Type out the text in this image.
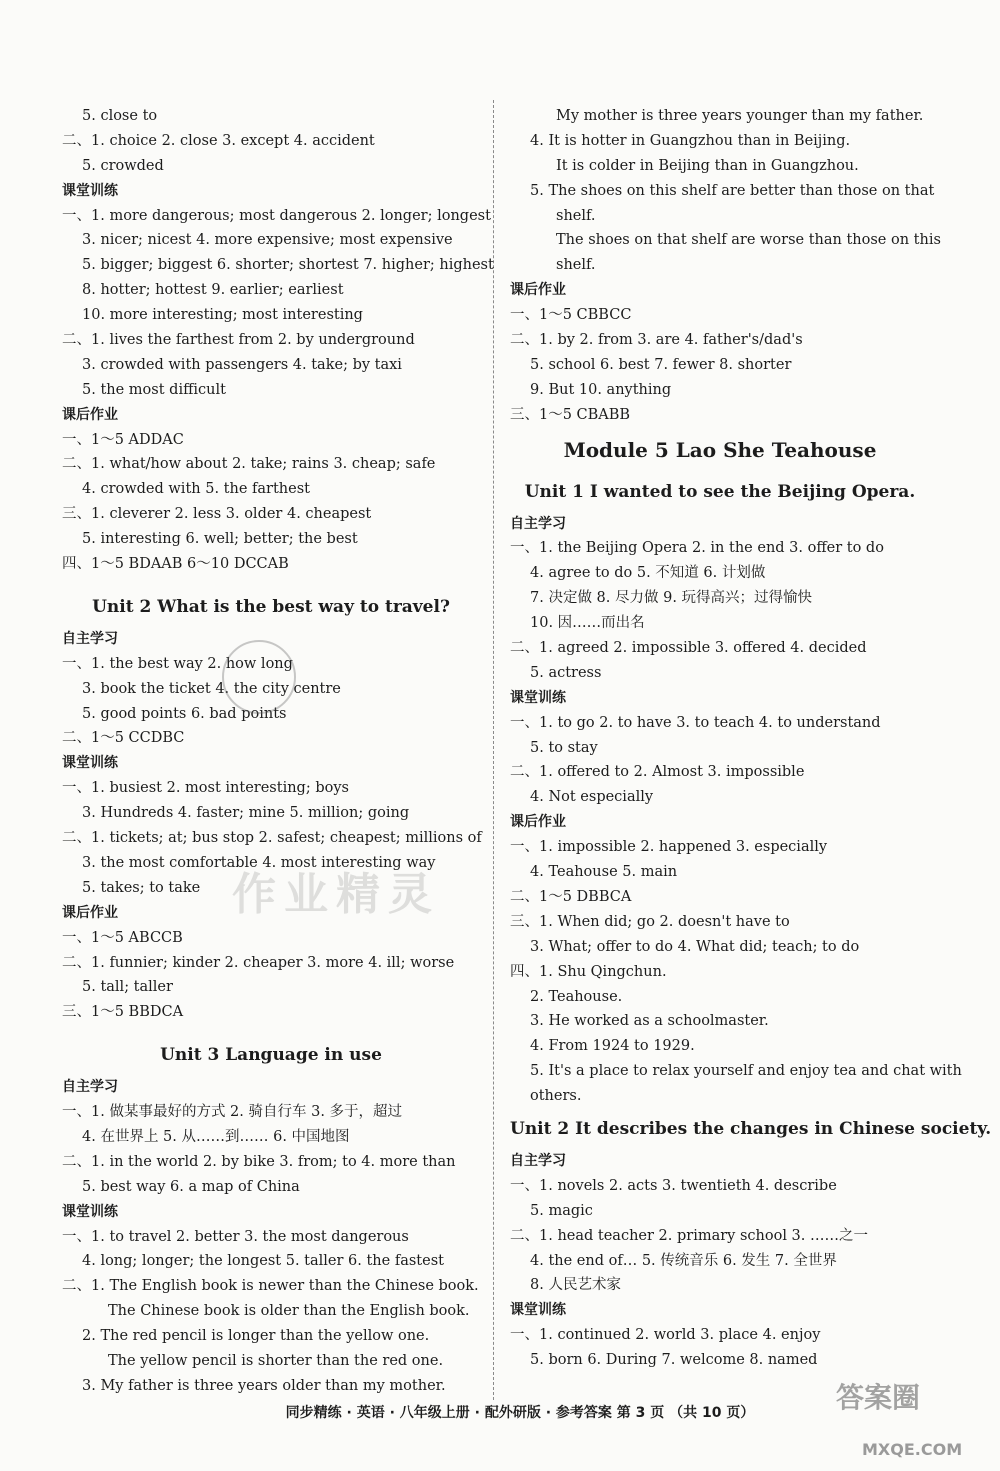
5. close to
二、1. choice 2. close 3. except 4. accident
5. crowded
课堂训练
一、1. more dangerous; most dangerous 2. longer; longest
3. nicer; nicest 4. more expensive; most expensive
5. bigger; biggest 6. shorter; shortest 7. higher; highest
8. hotter; hottest 9. earlier; earliest
10. more interesting; most interesting
二、1. lives the farthest from 2. by underground
3. crowded with passengers 4. take; by taxi
5. the most difficult
课后作业
一、1～5 ADDAC
二、1. what/how about 2. take; rains 3. cheap; safe
4. crowded with 5. the farthest
三、1. cleverer 2. less 3. older 4. cheapest
5. interesting 6. well; better; the best
四、1～5 BDAAB 6～10 DCCAB
Unit 2 What is the best way to travel?
自主学习
一、1. the best way 2. how long
3. book the ticket 4. the city centre
5. good points 6. bad points
二、1～5 CCDBC
课堂训练
一、1. busiest 2. most interesting; boys
3. Hundreds 4. faster; mine 5. million; going
二、1. tickets; at; bus stop 2. safest; cheapest; millions of
3. the most comfortable 4. most interesting way
5. takes; to take
课后作业
一、1～5 ABCCB
二、1. funnier; kinder 2. cheaper 3. more 4. ill; worse
5. tall; taller
三、1～5 BBDCA
Unit 3 Language in use
自主学习
一、1. 做某事最好的方式 2. 骑自行车 3. 多于，超过
4. 在世界上 5. 从……到…… 6. 中国地图
二、1. in the world 2. by bike 3. from; to 4. more than
5. best way 6. a map of China
课堂训练
一、1. to travel 2. better 3. the most dangerous
4. long; longer; the longest 5. taller 6. the fastest
二、1. The English book is newer than the Chinese book.
The Chinese book is older than the English book.
2. The red pencil is longer than the yellow one.
The yellow pencil is shorter than the red one.
3. My father is three years older than my mother.
My mother is three years younger than my father.
4. It is hotter in Guangzhou than in Beijing.
It is colder in Beijing than in Guangzhou.
5. The shoes on this shelf are better than those on that
shelf.
The shoes on that shelf are worse than those on this
shelf.
课后作业
一、1～5 CBBCC
二、1. by 2. from 3. are 4. father's/dad's
5. school 6. best 7. fewer 8. shorter
9. But 10. anything
三、1～5 CBABB
Module 5 Lao She Teahouse
Unit 1 I wanted to see the Beijing Opera.
自主学习
一、1. the Beijing Opera 2. in the end 3. offer to do
4. agree to do 5. 不知道 6. 计划做
7. 决定做 8. 尽力做 9. 玩得高兴；过得愉快
10. 因……而出名
二、1. agreed 2. impossible 3. offered 4. decided
5. actress
课堂训练
一、1. to go 2. to have 3. to teach 4. to understand
5. to stay
二、1. offered to 2. Almost 3. impossible
4. Not especially
课后作业
一、1. impossible 2. happened 3. especially
4. Teahouse 5. main
二、1～5 DBBCA
三、1. When did; go 2. doesn't have to
3. What; offer to do 4. What did; teach; to do
四、1. Shu Qingchun.
2. Teahouse.
3. He worked as a schoolmaster.
4. From 1924 to 1929.
5. It's a place to relax yourself and enjoy tea and chat with
others.
Unit 2 It describes the changes in Chinese society.
自主学习
一、1. novels 2. acts 3. twentieth 4. describe
5. magic
二、1. head teacher 2. primary school 3. ……之一
4. the end of… 5. 传统音乐 6. 发生 7. 全世界
8. 人民艺术家
课堂训练
一、1. continued 2. world 3. place 4. enjoy
5. born 6. During 7. welcome 8. named
作业精灵
答案圈
MXQE.COM
同步精练 · 英语 · 八年级上册 · 配外研版 · 参考答案 第 3 页 （共 10 页）
